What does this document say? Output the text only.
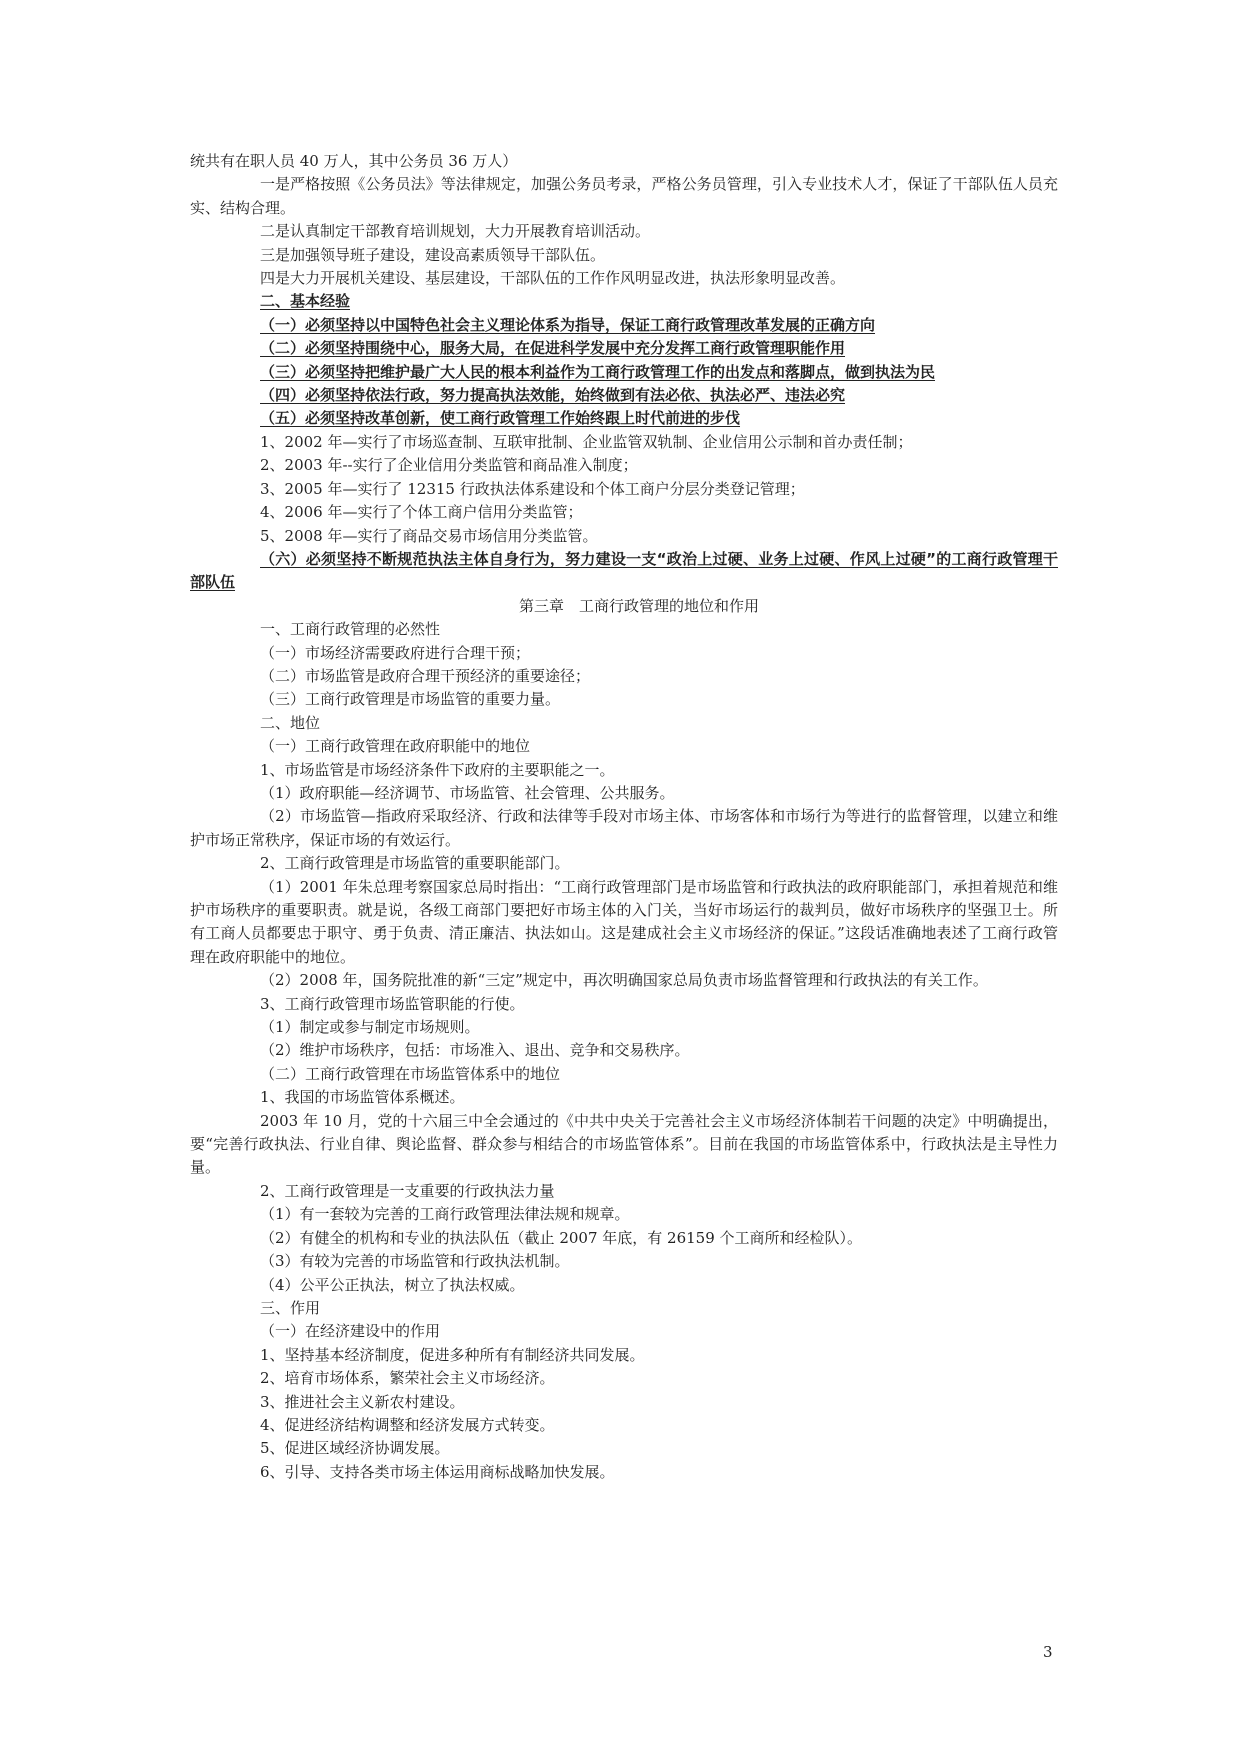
统共有在职人员 40 万人，其中公务员 36 万人）

一是严格按照《公务员法》等法律规定，加强公务员考录，严格公务员管理，引入专业技术人才，保证了干部队伍人员充实、结构合理。

二是认真制定干部教育培训规划，大力开展教育培训活动。

三是加强领导班子建设，建设高素质领导干部队伍。

四是大力开展机关建设、基层建设，干部队伍的工作作风明显改进，执法形象明显改善。

二、基本经验

（一）必须坚持以中国特色社会主义理论体系为指导，保证工商行政管理改革发展的正确方向

（二）必须坚持围绕中心，服务大局，在促进科学发展中充分发挥工商行政管理职能作用

（三）必须坚持把维护最广大人民的根本利益作为工商行政管理工作的出发点和落脚点，做到执法为民

（四）必须坚持依法行政，努力提高执法效能，始终做到有法必依、执法必严、违法必究

（五）必须坚持改革创新，使工商行政管理工作始终跟上时代前进的步伐

1、2002 年—实行了市场巡查制、互联审批制、企业监管双轨制、企业信用公示制和首办责任制；

2、2003 年--实行了企业信用分类监管和商品准入制度；

3、2005 年—实行了 12315 行政执法体系建设和个体工商户分层分类登记管理；

4、2006 年—实行了个体工商户信用分类监管；

5、2008 年—实行了商品交易市场信用分类监管。

（六）必须坚持不断规范执法主体自身行为，努力建设一支“政治上过硬、业务上过硬、作风上过硬”的工商行政管理干部队伍

第三章　工商行政管理的地位和作用

一、工商行政管理的必然性

（一）市场经济需要政府进行合理干预；

（二）市场监管是政府合理干预经济的重要途径；

（三）工商行政管理是市场监管的重要力量。

二、地位

（一）工商行政管理在政府职能中的地位

1、市场监管是市场经济条件下政府的主要职能之一。

（1）政府职能—经济调节、市场监管、社会管理、公共服务。

（2）市场监管—指政府采取经济、行政和法律等手段对市场主体、市场客体和市场行为等进行的监督管理，以建立和维护市场正常秩序，保证市场的有效运行。

2、工商行政管理是市场监管的重要职能部门。

（1）2001 年朱总理考察国家总局时指出：“工商行政管理部门是市场监管和行政执法的政府职能部门，承担着规范和维护市场秩序的重要职责。就是说，各级工商部门要把好市场主体的入门关，当好市场运行的裁判员，做好市场秩序的坚强卫士。所有工商人员都要忠于职守、勇于负责、清正廉洁、执法如山。这是建成社会主义市场经济的保证。”这段话准确地表述了工商行政管理在政府职能中的地位。

（2）2008 年，国务院批准的新“三定”规定中，再次明确国家总局负责市场监督管理和行政执法的有关工作。

3、工商行政管理市场监管职能的行使。

（1）制定或参与制定市场规则。

（2）维护市场秩序，包括：市场准入、退出、竞争和交易秩序。

（二）工商行政管理在市场监管体系中的地位

1、我国的市场监管体系概述。

2003 年 10 月，党的十六届三中全会通过的《中共中央关于完善社会主义市场经济体制若干问题的决定》中明确提出，要“完善行政执法、行业自律、舆论监督、群众参与相结合的市场监管体系”。目前在我国的市场监管体系中，行政执法是主导性力量。

2、工商行政管理是一支重要的行政执法力量

（1）有一套较为完善的工商行政管理法律法规和规章。

（2）有健全的机构和专业的执法队伍（截止 2007 年底，有 26159 个工商所和经检队）。

（3）有较为完善的市场监管和行政执法机制。

（4）公平公正执法，树立了执法权威。

三、作用

（一）在经济建设中的作用

1、坚持基本经济制度，促进多种所有有制经济共同发展。

2、培育市场体系，繁荣社会主义市场经济。

3、推进社会主义新农村建设。

4、促进经济结构调整和经济发展方式转变。

5、促进区域经济协调发展。

6、引导、支持各类市场主体运用商标战略加快发展。

3
